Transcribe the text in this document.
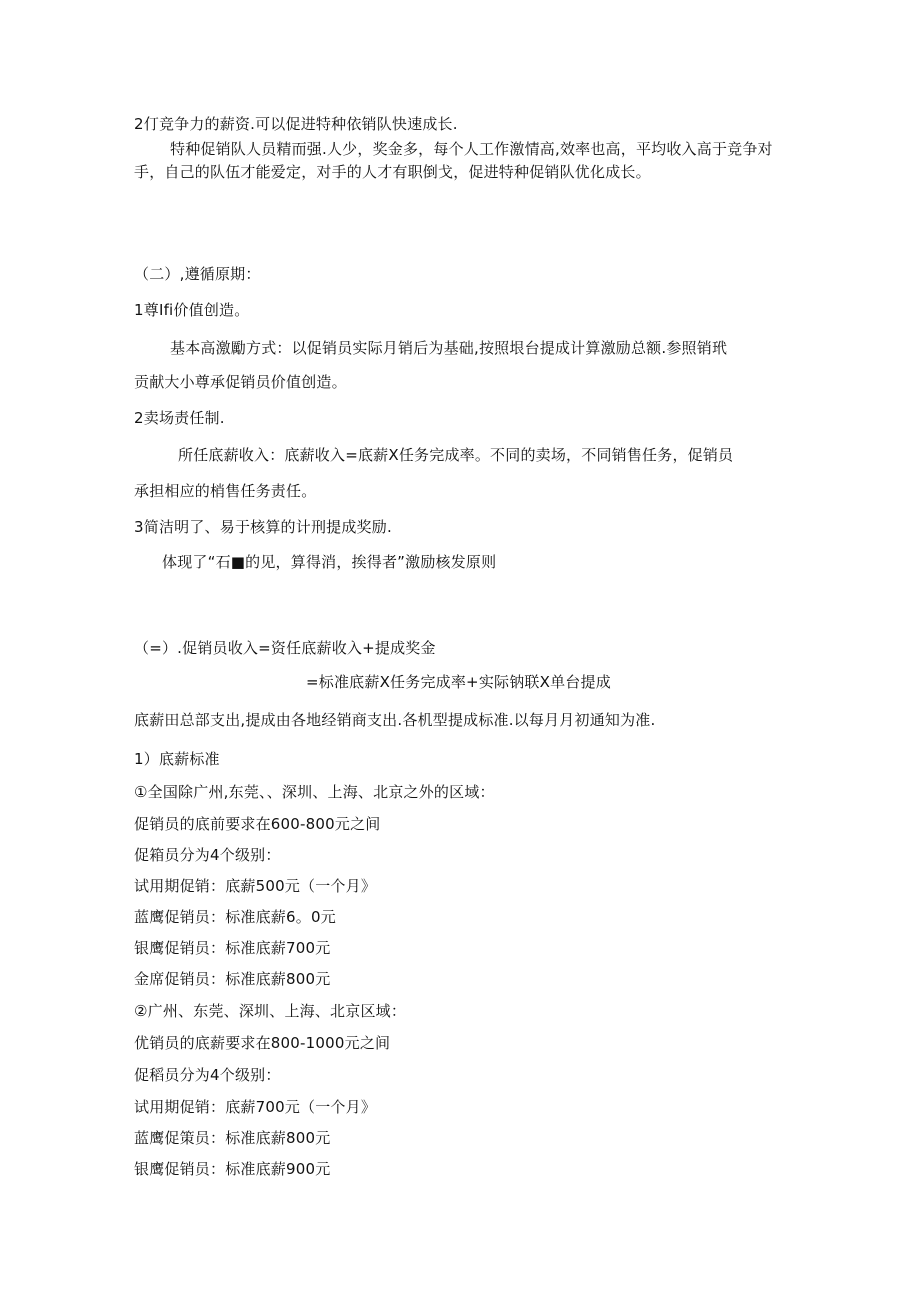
2仃竞争力的薪资.可以促进特种依销队快速成长.
特种促销队人员精而强.人少，奖金多，每个人工作激情高,效率也高，平均收入高于竞争对
手，自己的队伍才能爱定，对手的人才有职倒戈，促进特种促销队优化成长。
（二）,遵循原期：
1尊Ifi价值创造。
基本高激勵方式：以促销员实际月销后为基础,按照垠台提成计算激励总额.参照销玳
贡献大小尊承促销员价值创造。
2卖场责任制.
所任底薪收入：底薪收入=底薪X任务完成率。不同的卖场，不同销售任务，促销员
承担相应的梢售任务责任。
3简洁明了、易于核算的计刑提成奖励.
体现了“石■的见，算得消，挨得者”激励核发原则
（=）.促销员收入=资任底薪收入+提成奖金
=标准底薪X任务完成率+实际钠联X单台提成
底薪田总部支出,提成由各地经销商支出.各机型提成标准.以每月月初通知为准.
1）底薪标准
①全国除广州,东莞、、深圳、上海、北京之外的区域：
促销员的底前要求在600-800元之间
促箱员分为4个级别：
试用期促销：底薪500元（一个月》
蓝鹰促销员：标准底薪6。0元
银鹰促销员：标准底薪700元
金席促销员：标准底薪800元
②广州、东莞、深圳、上海、北京区域：
优销员的底薪要求在800-1000元之间
促稻员分为4个级别：
试用期促销：底薪700元（一个月》
蓝鹰促策员：标准底薪800元
银鹰促销员：标准底薪900元
